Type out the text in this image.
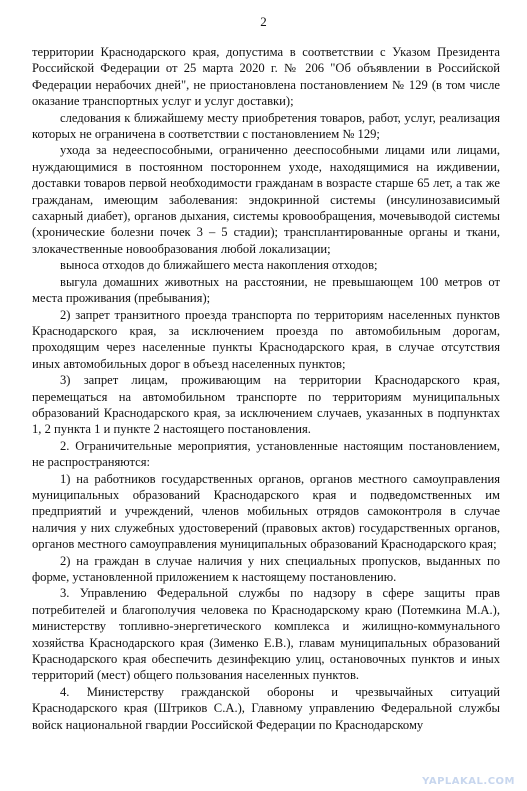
2

территории Краснодарского края, допустима в соответствии с Указом Президента Российской Федерации от 25 марта 2020 г. № 206 "Об объявлении в Российской Федерации нерабочих дней", не приостановлена постановлением № 129 (в том числе оказание транспортных услуг и услуг доставки);

следования к ближайшему месту приобретения товаров, работ, услуг, реализация которых не ограничена в соответствии с постановлением № 129;

ухода за недееспособными, ограниченно дееспособными лицами или лицами, нуждающимися в постоянном постороннем уходе, находящимися на иждивении, доставки товаров первой необходимости гражданам в возрасте старше 65 лет, а так же гражданам, имеющим заболевания: эндокринной системы (инсулинозависимый сахарный диабет), органов дыхания, системы кровообращения, мочевыводой системы (хронические болезни почек 3 – 5 стадии); трансплантированные органы и ткани, злокачественные новообразования любой локализации;

выноса отходов до ближайшего места накопления отходов;

выгула домашних животных на расстоянии, не превышающем 100 метров от места проживания (пребывания);

2) запрет транзитного проезда транспорта по территориям населенных пунктов Краснодарского края, за исключением проезда по автомобильным дорогам, проходящим через населенные пункты Краснодарского края, в случае отсутствия иных автомобильных дорог в объезд населенных пунктов;

3) запрет лицам, проживающим на территории Краснодарского края, перемещаться на автомобильном транспорте по территориям муниципальных образований Краснодарского края, за исключением случаев, указанных в подпунктах 1, 2 пункта 1 и пункте 2 настоящего постановления.

2. Ограничительные мероприятия, установленные настоящим постановлением, не распространяются:

1) на работников государственных органов, органов местного самоуправления муниципальных образований Краснодарского края и подведомственных им предприятий и учреждений, членов мобильных отрядов самоконтроля в случае наличия у них служебных удостоверений (правовых актов) государственных органов, органов местного самоуправления муниципальных образований Краснодарского края;

2) на граждан в случае наличия у них специальных пропусков, выданных по форме, установленной приложением к настоящему постановлению.

3. Управлению Федеральной службы по надзору в сфере защиты прав потребителей и благополучия человека по Краснодарскому краю (Потемкина М.А.), министерству топливно-энергетического комплекса и жилищно-коммунального хозяйства Краснодарского края (Зименко Е.В.), главам муниципальных образований Краснодарского края обеспечить дезинфекцию улиц, остановочных пунктов и иных территорий (мест) общего пользования населенных пунктов.

4. Министерству гражданской обороны и чрезвычайных ситуаций Краснодарского края (Штриков С.А.), Главному управлению Федеральной службы войск национальной гвардии Российской Федерации по Краснодарскому

YAPLAKAL.COM
